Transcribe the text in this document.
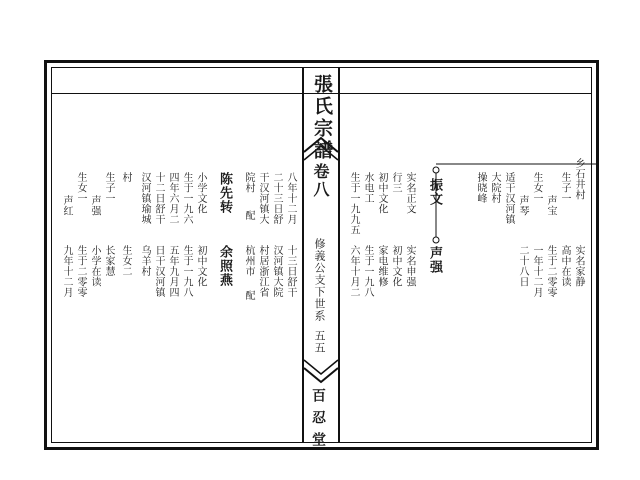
張氏宗譜
卷八
修義公支下世系
五五
百忍堂
八年十二月
十三日舒干
二十三日舒
汉河镇大院
干汉河镇大
村居浙江省
院村
配
杭州市
配
陈先转
余照燕
小学文化
初中文化
生于一九六
生于一九八
四年六月二
五年九月四
十二日舒干
日干汉河镇
汉河镇瑜城
乌羊村
村
生女二
生子一
长家慧
声强
小学在读
生女一
生于二零零
声红
九年十二月
乡石井村
生子一
声宝
生女一
声琴
适干汉河镇
大院村
操晓峰
实名家静
高中在读
生于二零零
一年十二月
二十八日
振文
声强
实名正文
实名申强
行三
初中文化
初中文化
家电维修
水电工
生于一九八
生于一九九五
六年十月二
